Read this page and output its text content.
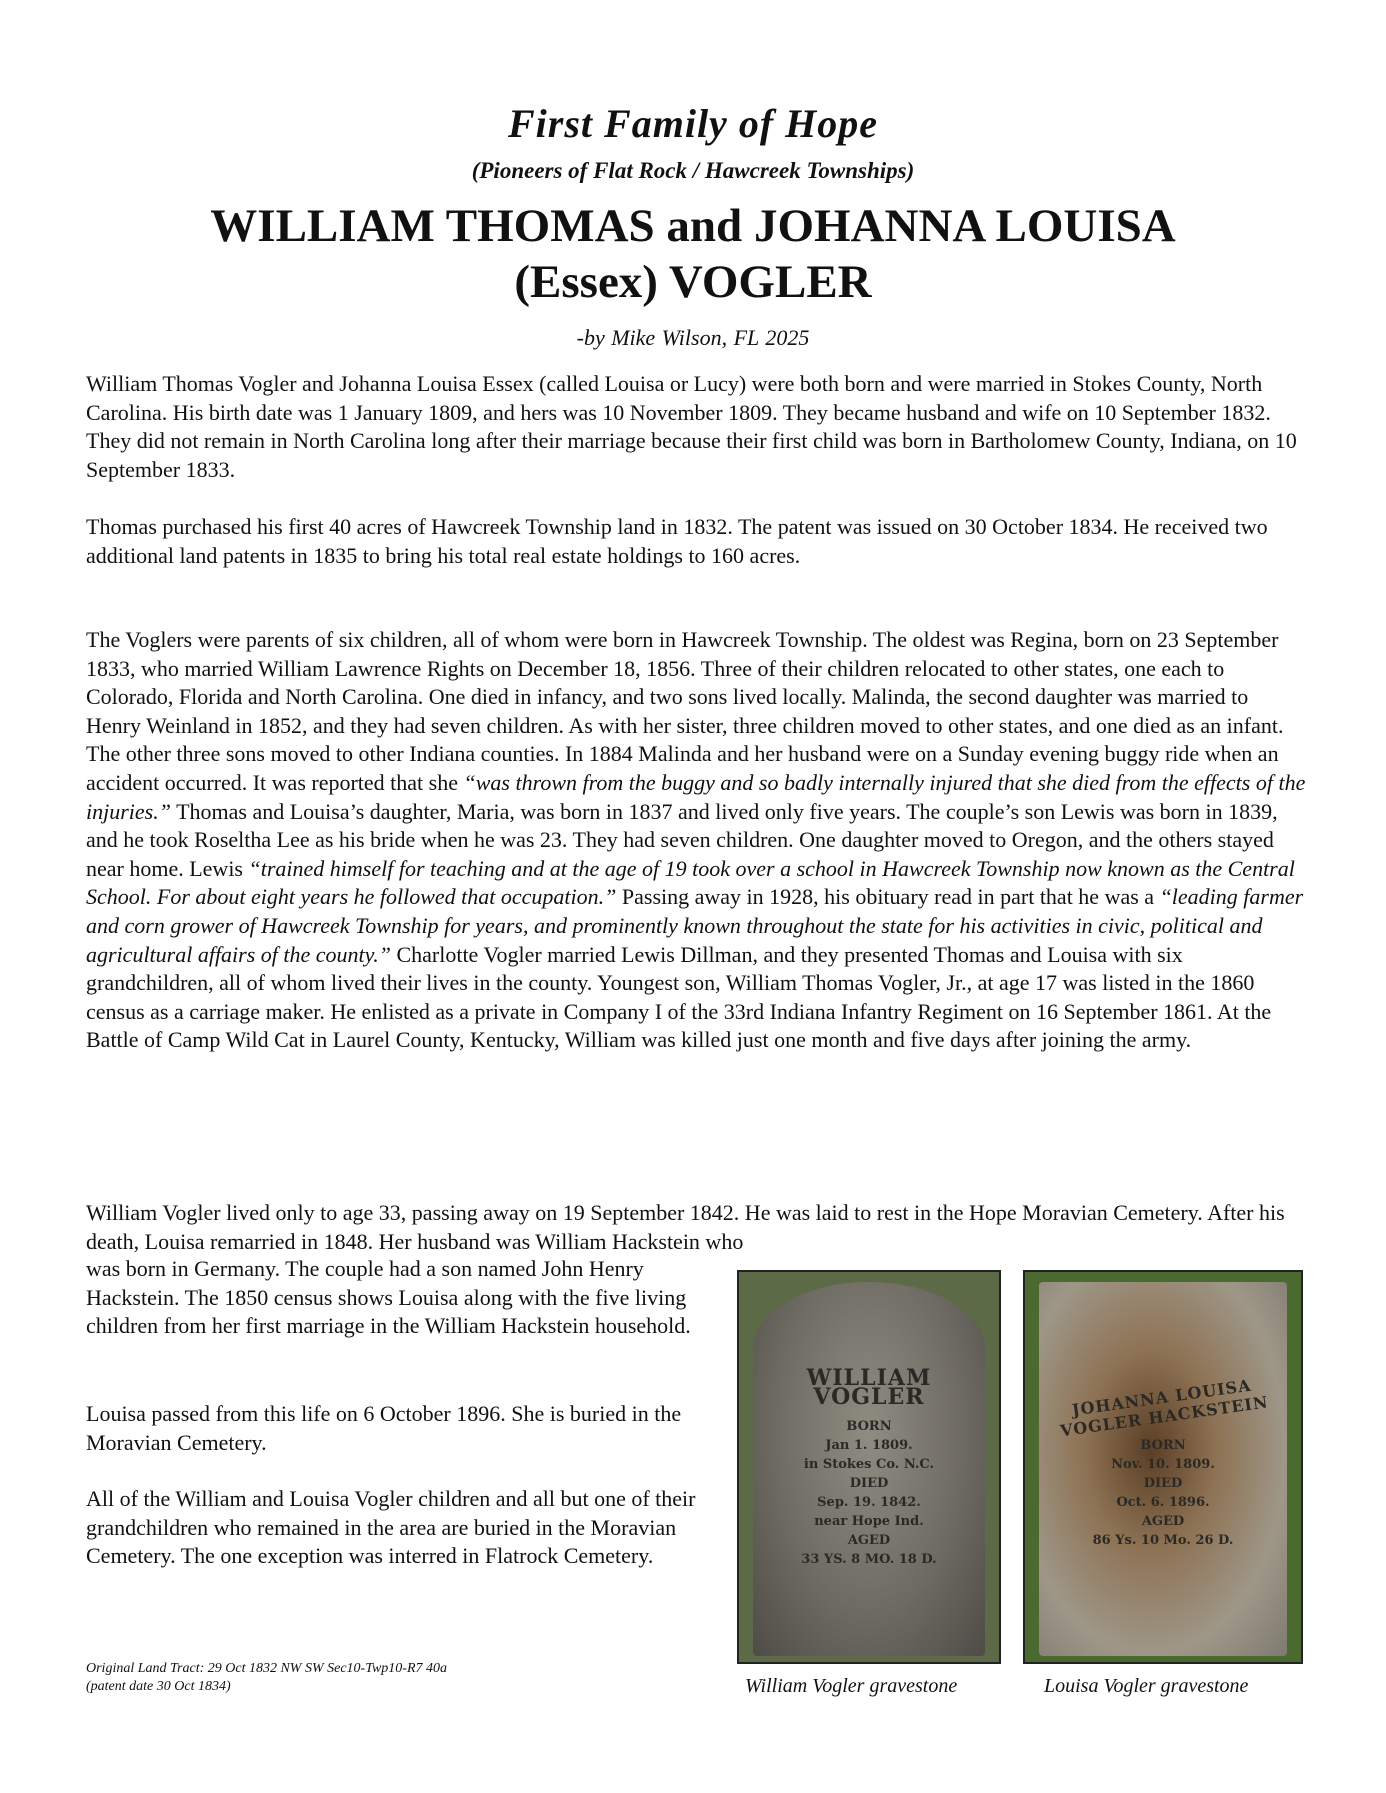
First Family of Hope
(Pioneers of Flat Rock / Hawcreek Townships)
WILLIAM THOMAS and JOHANNA LOUISA
(Essex) VOGLER
-by Mike Wilson, FL 2025

William Thomas Vogler and Johanna Louisa Essex (called Louisa or Lucy) were both born and were married in Stokes County, North Carolina. His birth date was 1 January 1809, and hers was 10 November 1809. They became husband and wife on 10 September 1832. They did not remain in North Carolina long after their marriage because their first child was born in Bartholomew County, Indiana, on 10 September 1833.

Thomas purchased his first 40 acres of Hawcreek Township land in 1832. The patent was issued on 30 October 1834. He received two additional land patents in 1835 to bring his total real estate holdings to 160 acres.

The Voglers were parents of six children, all of whom were born in Hawcreek Township. The oldest was Regina, born on 23 September 1833, who married William Lawrence Rights on December 18, 1856. Three of their children relocated to other states, one each to Colorado, Florida and North Carolina. One died in infancy, and two sons lived locally. Malinda, the second daughter was married to Henry Weinland in 1852, and they had seven children. As with her sister, three children moved to other states, and one died as an infant. The other three sons moved to other Indiana counties. In 1884 Malinda and her husband were on a Sunday evening buggy ride when an accident occurred. It was reported that she “was thrown from the buggy and so badly internally injured that she died from the effects of the injuries.” Thomas and Louisa’s daughter, Maria, was born in 1837 and lived only five years. The couple’s son Lewis was born in 1839, and he took Roseltha Lee as his bride when he was 23. They had seven children. One daughter moved to Oregon, and the others stayed near home. Lewis “trained himself for teaching and at the age of 19 took over a school in Hawcreek Township now known as the Central School. For about eight years he followed that occupation.” Passing away in 1928, his obituary read in part that he was a “leading farmer and corn grower of Hawcreek Township for years, and prominently known throughout the state for his activities in civic, political and agricultural affairs of the county.” Charlotte Vogler married Lewis Dillman, and they presented Thomas and Louisa with six grandchildren, all of whom lived their lives in the county. Youngest son, William Thomas Vogler, Jr., at age 17 was listed in the 1860 census as a carriage maker. He enlisted as a private in Company I of the 33rd Indiana Infantry Regiment on 16 September 1861. At the Battle of Camp Wild Cat in Laurel County, Kentucky, William was killed just one month and five days after joining the army.

William Vogler lived only to age 33, passing away on 19 September 1842. He was laid to rest in the Hope Moravian Cemetery. After his death, Louisa remarried in 1848. Her husband was William Hackstein who

was born in Germany. The couple had a son named John Henry Hackstein. The 1850 census shows Louisa along with the five living children from her first marriage in the William Hackstein household.

Louisa passed from this life on 6 October 1896. She is buried in the Moravian Cemetery.

All of the William and Louisa Vogler children and all but one of their grandchildren who remained in the area are buried in the Moravian Cemetery. The one exception was interred in Flatrock Cemetery.

WILLIAM VOGLER
BORN
Jan 1. 1809.
in Stokes Co. N.C.
DIED
Sep. 19. 1842.
near Hope Ind.
AGED
33 YS. 8 MO. 18 D.
JOHANNA LOUISA VOGLER HACKSTEIN
BORN
Nov. 10. 1809.
DIED
Oct. 6. 1896.
AGED
86 Ys. 10 Mo. 26 D.
William Vogler gravestone	Louisa Vogler gravestone
Original Land Tract: 29 Oct 1832 NW SW Sec10-Twp10-R7 40a
(patent date 30 Oct 1834)
